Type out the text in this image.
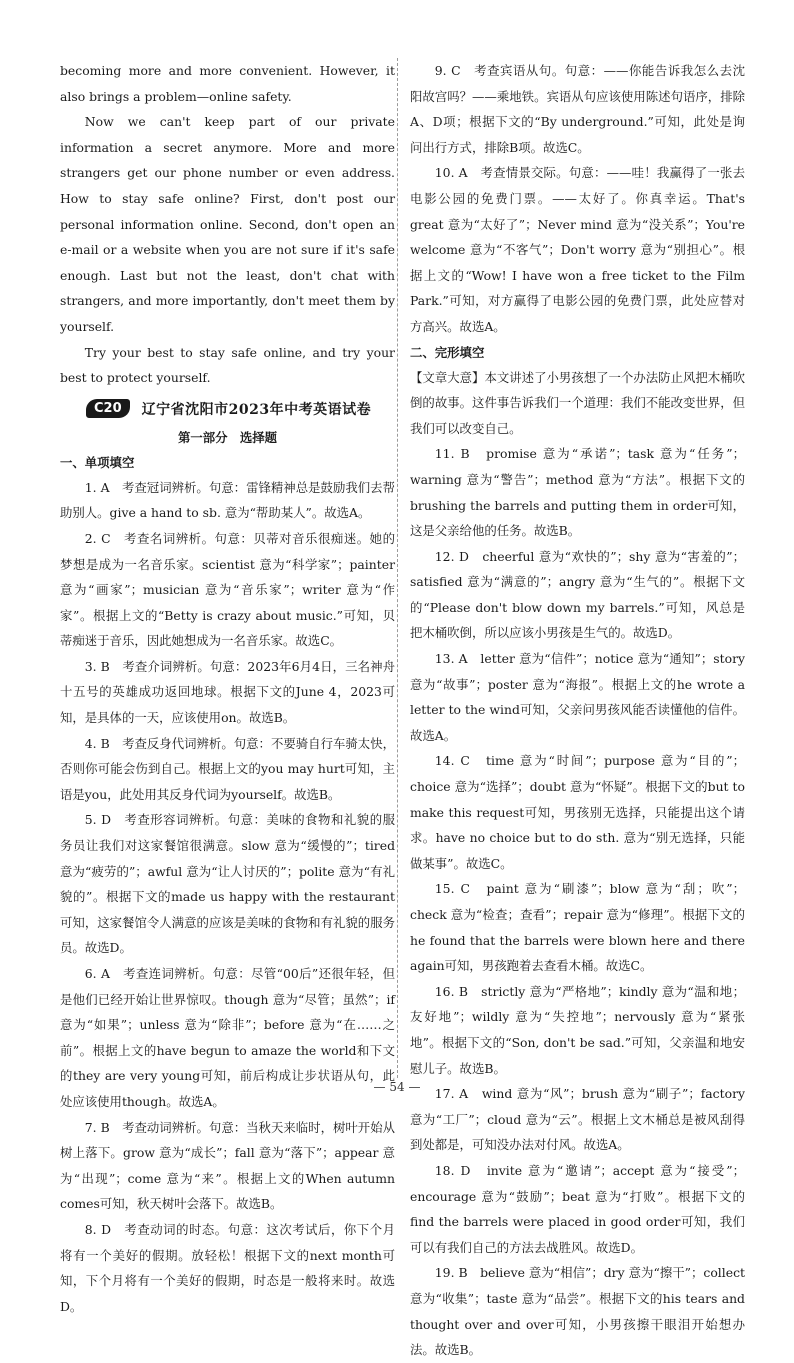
becoming more and more convenient. However, it also brings a problem—online safety.

Now we can't keep part of our private information a secret anymore. More and more strangers get our phone number or even address. How to stay safe online? First, don't post our personal information online. Second, don't open an e-mail or a website when you are not sure if it's safe enough. Last but not the least, don't chat with strangers, and more importantly, don't meet them by yourself.

Try your best to stay safe online, and try your best to protect yourself.

C20	辽宁省沈阳市2023年中考英语试卷
第一部分　选择题
一、单项填空

1. A　考查冠词辨析。句意：雷锋精神总是鼓励我们去帮助别人。give a hand to sb. 意为“帮助某人”。故选A。

2. C　考查名词辨析。句意：贝蒂对音乐很痴迷。她的梦想是成为一名音乐家。scientist 意为“科学家”；painter 意为“画家”；musician 意为“音乐家”；writer 意为“作家”。根据上文的“Betty is crazy about music.”可知，贝蒂痴迷于音乐，因此她想成为一名音乐家。故选C。

3. B　考查介词辨析。句意：2023年6月4日，三名神舟十五号的英雄成功返回地球。根据下文的June 4，2023可知，是具体的一天，应该使用on。故选B。

4. B　考查反身代词辨析。句意：不要骑自行车骑太快，否则你可能会伤到自己。根据上文的you may hurt可知，主语是you，此处用其反身代词为yourself。故选B。

5. D　考查形容词辨析。句意：美味的食物和礼貌的服务员让我们对这家餐馆很满意。slow 意为“缓慢的”；tired 意为“疲劳的”；awful 意为“让人讨厌的”；polite 意为“有礼貌的”。根据下文的made us happy with the restaurant可知，这家餐馆令人满意的应该是美味的食物和有礼貌的服务员。故选D。

6. A　考查连词辨析。句意：尽管“00后”还很年轻，但是他们已经开始让世界惊叹。though 意为“尽管；虽然”；if 意为“如果”；unless 意为“除非”；before 意为“在……之前”。根据上文的have begun to amaze the world和下文的they are very young可知，前后构成让步状语从句，此处应该使用though。故选A。

7. B　考查动词辨析。句意：当秋天来临时，树叶开始从树上落下。grow 意为“成长”；fall 意为“落下”；appear 意为“出现”；come 意为“来”。根据上文的When autumn comes可知，秋天树叶会落下。故选B。

8. D　考查动词的时态。句意：这次考试后，你下个月将有一个美好的假期。放轻松！根据下文的next month可知，下个月将有一个美好的假期，时态是一般将来时。故选D。

9. C　考查宾语从句。句意：——你能告诉我怎么去沈阳故宫吗？——乘地铁。宾语从句应该使用陈述句语序，排除A、D项；根据下文的“By underground.”可知，此处是询问出行方式，排除B项。故选C。

10. A　考查情景交际。句意：——哇！我赢得了一张去电影公园的免费门票。——太好了。你真幸运。That's great 意为“太好了”；Never mind 意为“没关系”；You're welcome 意为“不客气”；Don't worry 意为“别担心”。根据上文的“Wow! I have won a free ticket to the Film Park.”可知，对方赢得了电影公园的免费门票，此处应替对方高兴。故选A。

二、完形填空

【文章大意】本文讲述了小男孩想了一个办法防止风把木桶吹倒的故事。这件事告诉我们一个道理：我们不能改变世界，但我们可以改变自己。

11. B　promise 意为“承诺”；task 意为“任务”；warning 意为“警告”；method 意为“方法”。根据下文的brushing the barrels and putting them in order可知，这是父亲给他的任务。故选B。

12. D　cheerful 意为“欢快的”；shy 意为“害羞的”；satisfied 意为“满意的”；angry 意为“生气的”。根据下文的“Please don't blow down my barrels.”可知，风总是把木桶吹倒，所以应该小男孩是生气的。故选D。

13. A　letter 意为“信件”；notice 意为“通知”；story 意为“故事”；poster 意为“海报”。根据上文的he wrote a letter to the wind可知，父亲问男孩风能否读懂他的信件。故选A。

14. C　time 意为“时间”；purpose 意为“目的”；choice 意为“选择”；doubt 意为“怀疑”。根据下文的but to make this request可知，男孩别无选择，只能提出这个请求。have no choice but to do sth. 意为“别无选择，只能做某事”。故选C。

15. C　paint 意为“刷漆”；blow 意为“刮；吹”；check 意为“检查；查看”；repair 意为“修理”。根据下文的he found that the barrels were blown here and there again可知，男孩跑着去查看木桶。故选C。

16. B　strictly 意为“严格地”；kindly 意为“温和地；友好地”；wildly 意为“失控地”；nervously 意为“紧张地”。根据下文的“Son, don't be sad.”可知，父亲温和地安慰儿子。故选B。

17. A　wind 意为“风”；brush 意为“刷子”；factory 意为“工厂”；cloud 意为“云”。根据上文木桶总是被风刮得到处都是，可知没办法对付风。故选A。

18. D　invite 意为“邀请”；accept 意为“接受”；encourage 意为“鼓励”；beat 意为“打败”。根据下文的find the barrels were placed in good order可知，我们可以有我们自己的方法去战胜风。故选D。

19. B　believe 意为“相信”；dry 意为“擦干”；collect 意为“收集”；taste 意为“品尝”。根据下文的his tears and thought over and over可知，小男孩擦干眼泪开始想办法。故选B。

— 54 —
